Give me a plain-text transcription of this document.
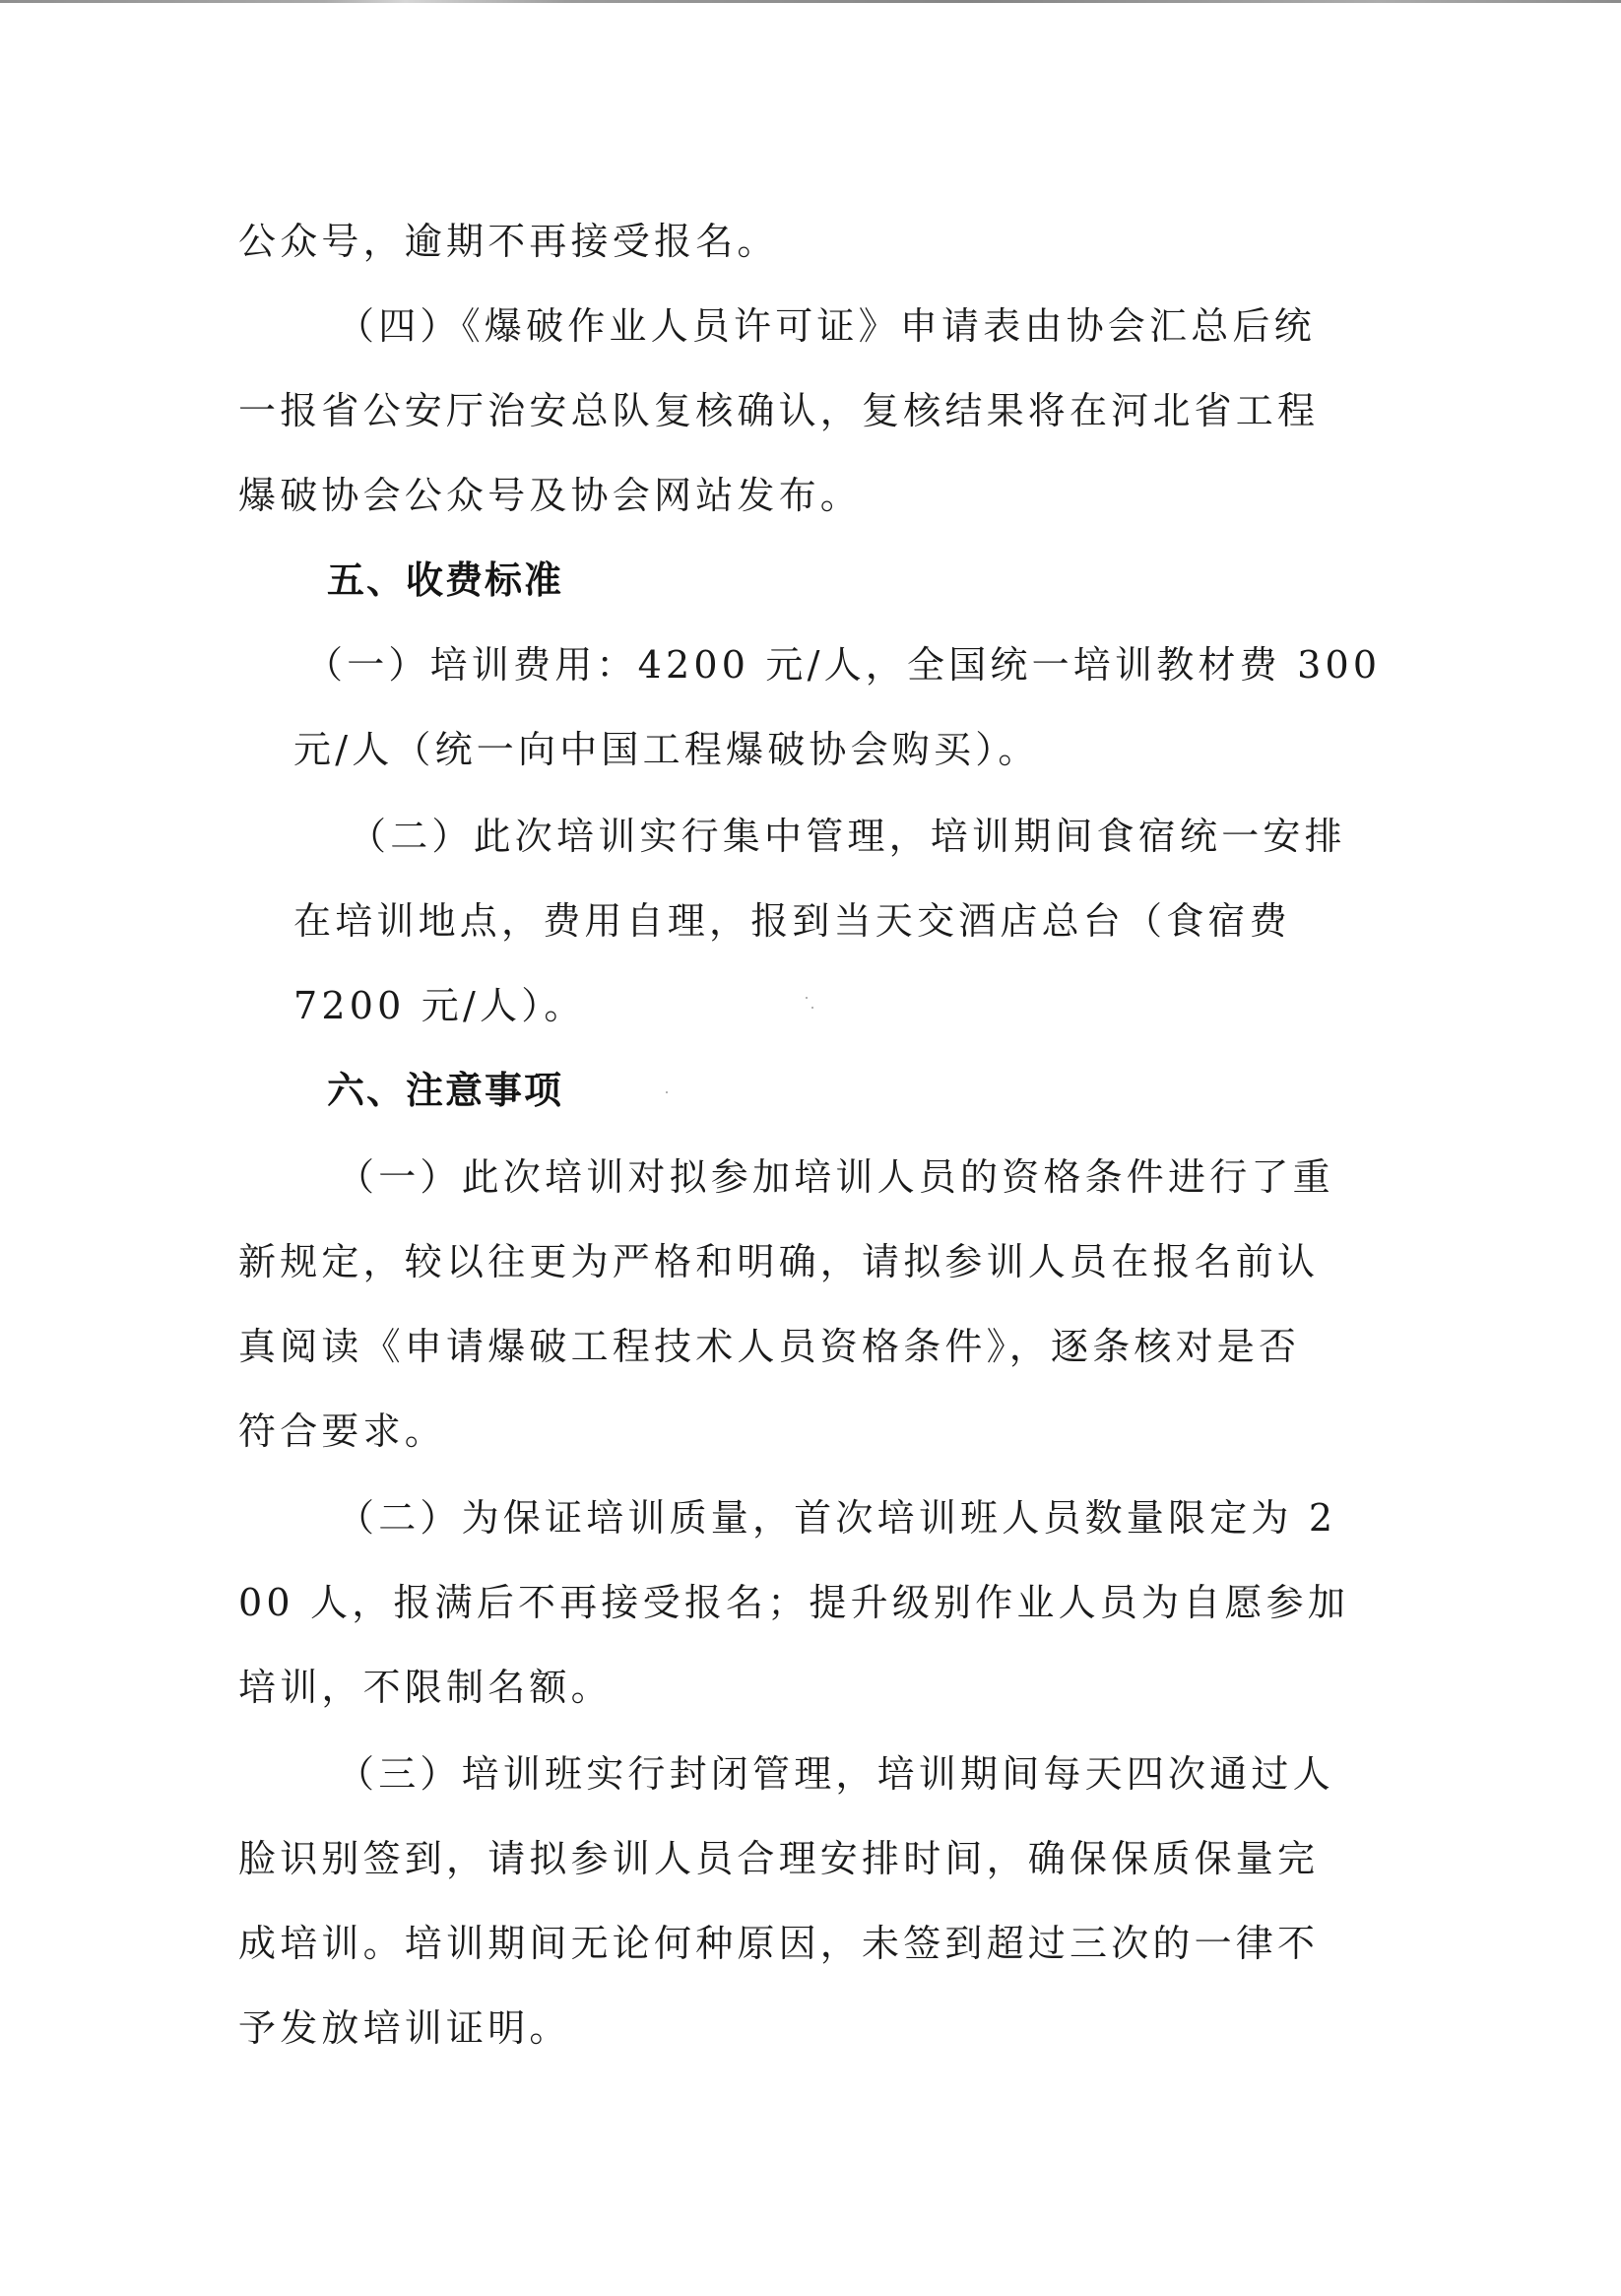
公众号，逾期不再接受报名。
（四）《爆破作业人员许可证》申请表由协会汇总后统
一报省公安厅治安总队复核确认，复核结果将在河北省工程
爆破协会公众号及协会网站发布。
五、收费标准
（一）培训费用：4200 元/人，全国统一培训教材费 300
元/人（统一向中国工程爆破协会购买）。
（二）此次培训实行集中管理，培训期间食宿统一安排
在培训地点，费用自理，报到当天交酒店总台（食宿费
7200 元/人）。
六、注意事项
（一）此次培训对拟参加培训人员的资格条件进行了重
新规定，较以往更为严格和明确，请拟参训人员在报名前认
真阅读《申请爆破工程技术人员资格条件》，逐条核对是否
符合要求。
（二）为保证培训质量，首次培训班人员数量限定为 2
00 人，报满后不再接受报名；提升级别作业人员为自愿参加
培训，不限制名额。
（三）培训班实行封闭管理，培训期间每天四次通过人
脸识别签到，请拟参训人员合理安排时间，确保保质保量完
成培训。培训期间无论何种原因，未签到超过三次的一律不
予发放培训证明。
